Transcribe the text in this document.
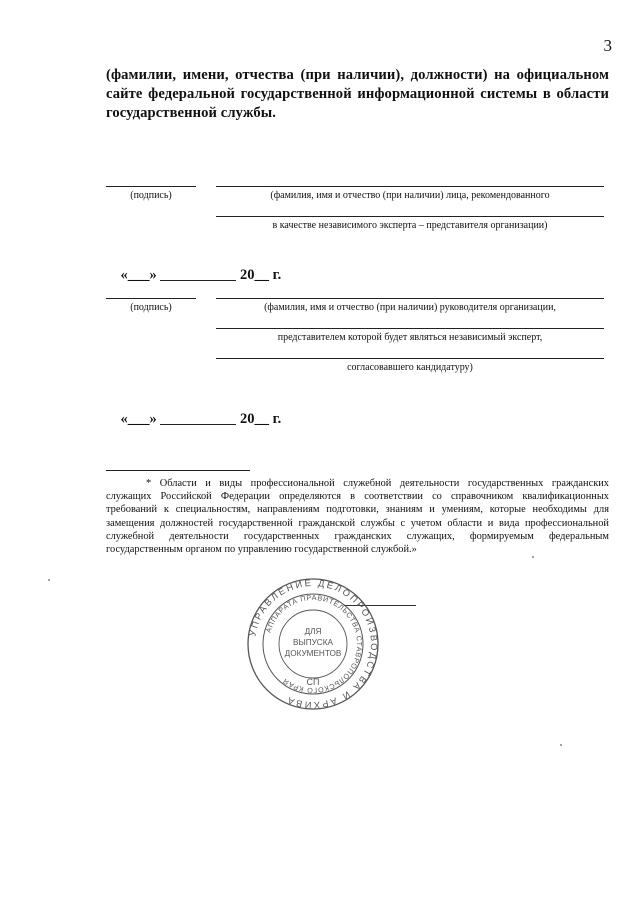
3
(фамилии, имени, отчества (при наличии), должности) на официальном сайте федеральной государственной информационной системы в области государственной службы.
(подпись)	(фамилия, имя и отчество (при наличии) лица, рекомендованного
в качестве независимого эксперта – представителя организации)

«___»	20__ г.

(подпись)	(фамилия, имя и отчество (при наличии) руководителя организации,
представителем которой будет являться независимый эксперт,
согласовавшего кандидатуру)

«___»	20__ г.

* Области и виды профессиональной служебной деятельности государственных гражданских служащих Российской Федерации определяются в соответствии со справочником квалификационных требований к специальностям, направлениям подготовки, знаниям и умениям, которые необходимы для замещения должностей государственной гражданской службы с учетом области и вида профессиональной служебной деятельности государственных гражданских служащих, формируемым федеральным государственным органом по управлению государственной службой.»
УПРАВЛЕНИЕ ДЕЛОПРОИЗВОДСТВА И АРХИВА
АППАРАТА ПРАВИТЕЛЬСТВА СТАВРОПОЛЬСКОГО КРАЯ
ДЛЯ
ВЫПУСКА
ДОКУМЕНТОВ
СП
